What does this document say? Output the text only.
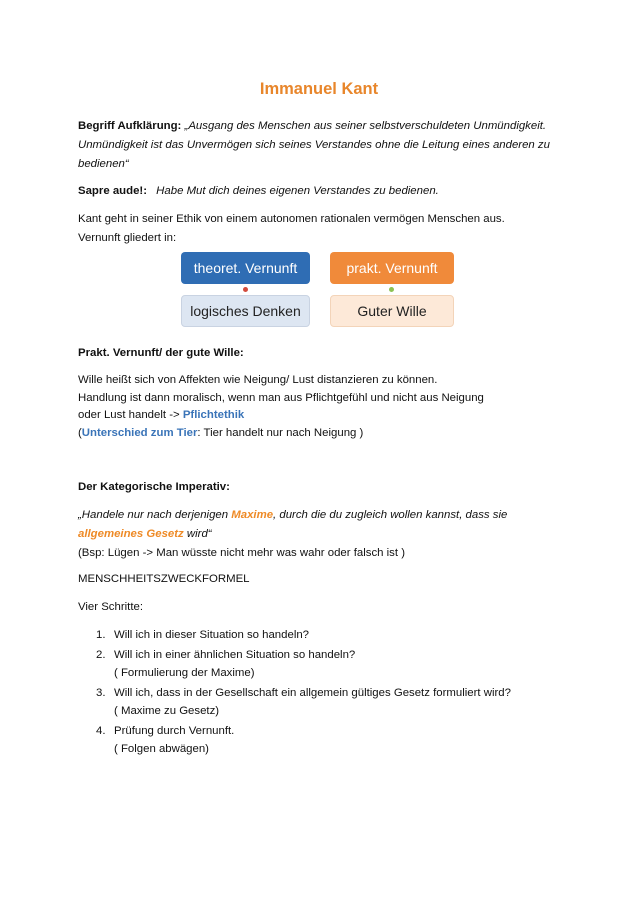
Immanuel Kant
Begriff Aufklärung: „Ausgang des Menschen aus seiner selbstverschuldeten Unmündigkeit. Unmündigkeit ist das Unvermögen sich seines Verstandes ohne die Leitung eines anderen zu bedienen“
Sapre aude!: Habe Mut dich deines eigenen Verstandes zu bedienen.
Kant geht in seiner Ethik von einem autonomen rationalen vermögen Menschen aus.
Vernunft gliedert in:
theoret. Vernunft	prakt. Vernunft
logisches Denken	Guter Wille
Prakt. Vernunft/ der gute Wille:
Wille heißt sich von Affekten wie Neigung/ Lust distanzieren zu können.
Handlung ist dann moralisch, wenn man aus Pflichtgefühl und nicht aus Neigung
oder Lust handelt -> Pflichtethik
(Unterschied zum Tier: Tier handelt nur nach Neigung )
Der Kategorische Imperativ:
„Handele nur nach derjenigen Maxime, durch die du zugleich wollen kannst, dass sie
allgemeines Gesetz wird“
(Bsp: Lügen -> Man wüsste nicht mehr was wahr oder falsch ist )
MENSCHHEITSZWECKFORMEL
Vier Schritte:
1. Will ich in dieser Situation so handeln?
2. Will ich in einer ähnlichen Situation so handeln?
( Formulierung der Maxime)
3. Will ich, dass in der Gesellschaft ein allgemein gültiges Gesetz formuliert wird?
( Maxime zu Gesetz)
4. Prüfung durch Vernunft.
( Folgen abwägen)
